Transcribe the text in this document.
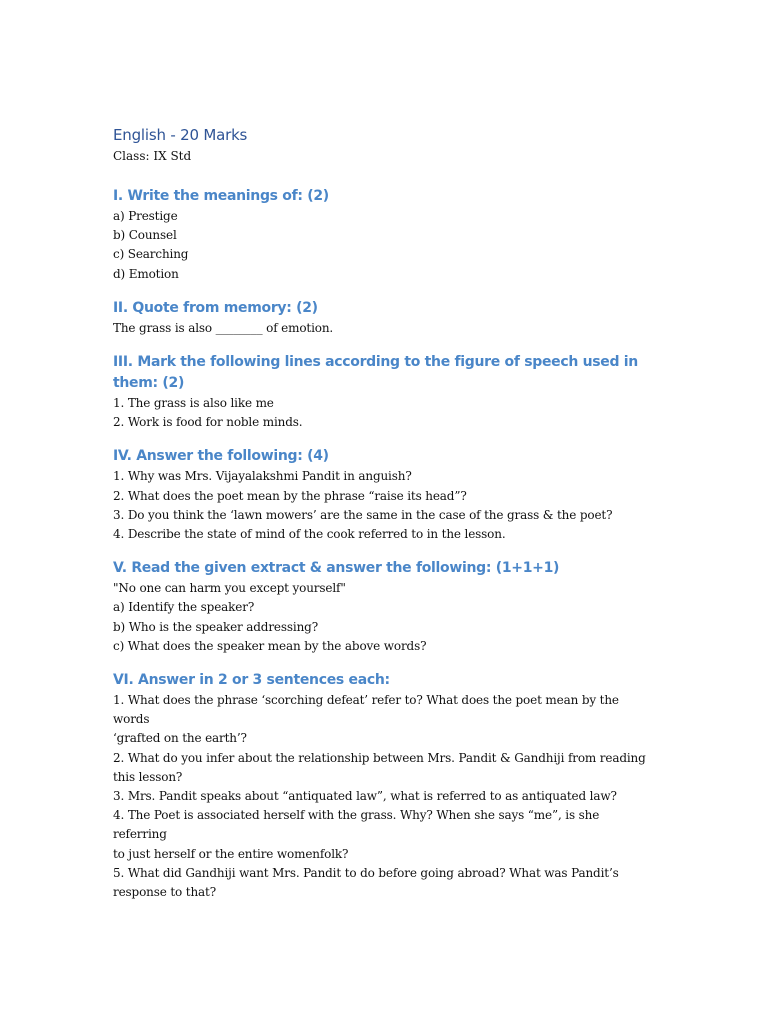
English - 20 Marks

Class: IX Std

I. Write the meanings of: (2)

a) Prestige

b) Counsel

c) Searching

d) Emotion

II. Quote from memory: (2)

The grass is also ________ of emotion.

III. Mark the following lines according to the figure of speech used in them: (2)

1. The grass is also like me

2. Work is food for noble minds.

IV. Answer the following: (4)

1. Why was Mrs. Vijayalakshmi Pandit in anguish?

2. What does the poet mean by the phrase “raise its head”?

3. Do you think the ‘lawn mowers’ are the same in the case of the grass & the poet?

4. Describe the state of mind of the cook referred to in the lesson.

V. Read the given extract & answer the following: (1+1+1)

"No one can harm you except yourself"

a) Identify the speaker?

b) Who is the speaker addressing?

c) What does the speaker mean by the above words?

VI. Answer in 2 or 3 sentences each:

1. What does the phrase ‘scorching defeat’ refer to? What does the poet mean by the words

‘grafted on the earth’?

2. What do you infer about the relationship between Mrs. Pandit & Gandhiji from reading

this lesson?

3. Mrs. Pandit speaks about “antiquated law”, what is referred to as antiquated law?

4. The Poet is associated herself with the grass. Why? When she says “me”, is she referring

to just herself or the entire womenfolk?

5. What did Gandhiji want Mrs. Pandit to do before going abroad? What was Pandit’s

response to that?
